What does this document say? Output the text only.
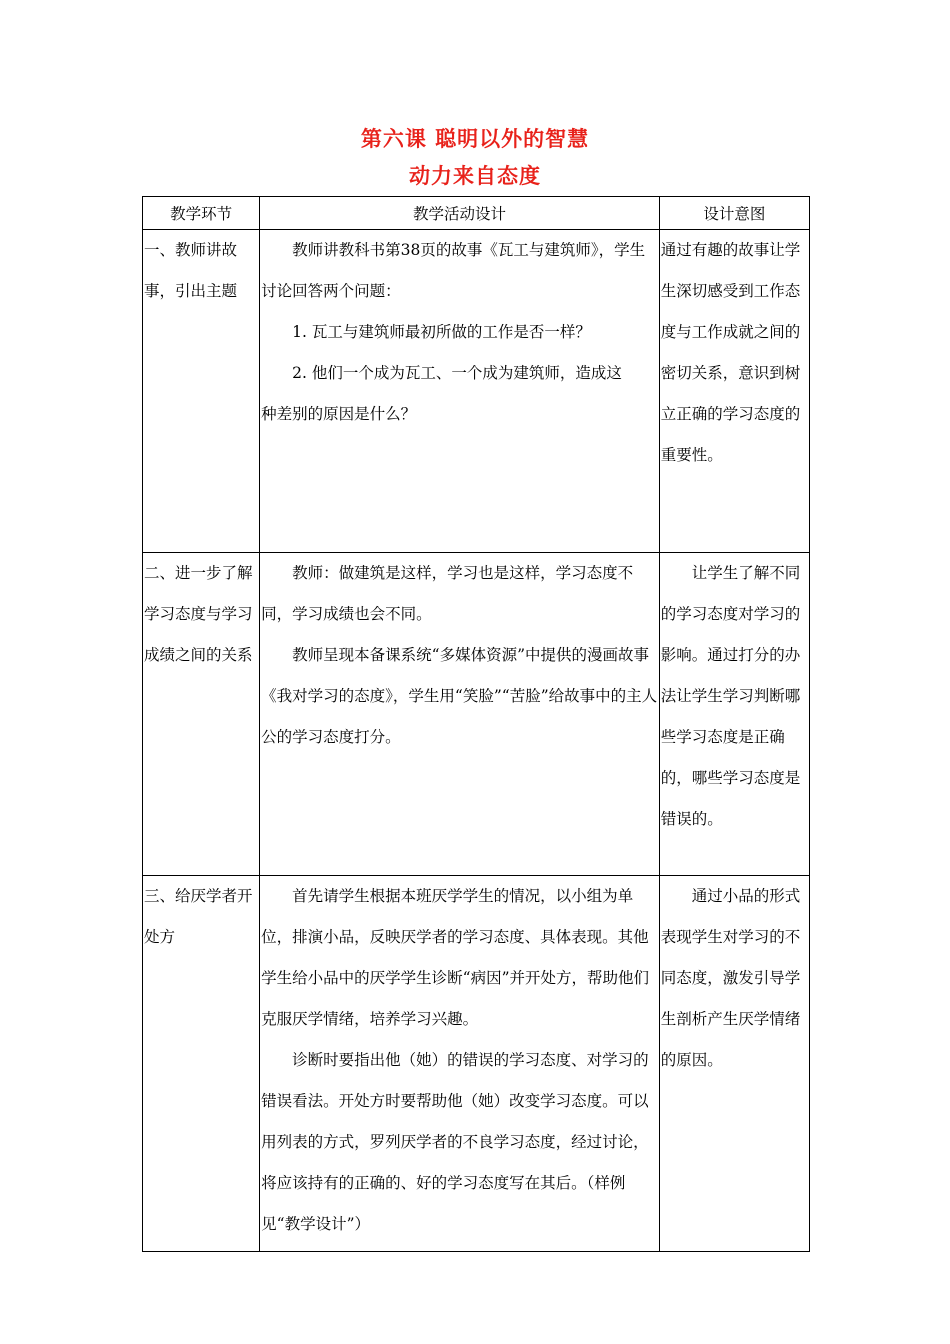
第六课 聪明以外的智慧
动力来自态度
教学环节	教学活动设计	设计意图

一、教师讲故事，引出主题	教师讲教科书第38页的故事《瓦工与建筑师》，学生讨论回答两个问题：

1. 瓦工与建筑师最初所做的工作是否一样？

2. 他们一个成为瓦工、一个成为建筑师，造成这

种差别的原因是什么？	通过有趣的故事让学生深切感受到工作态度与工作成就之间的密切关系，意识到树立正确的学习态度的重要性。

二、进一步了解学习态度与学习成绩之间的关系	教师：做建筑是这样，学习也是这样，学习态度不同，学习成绩也会不同。

教师呈现本备课系统“多媒体资源”中提供的漫画故事《我对学习的态度》，学生用“笑脸”“苦脸”给故事中的主人公的学习态度打分。	让学生了解不同的学习态度对学习的影响。通过打分的办法让学生学习判断哪些学习态度是正确的，哪些学习态度是错误的。

三、给厌学者开处方	首先请学生根据本班厌学学生的情况，以小组为单位，排演小品，反映厌学者的学习态度、具体表现。其他学生给小品中的厌学学生诊断“病因”并开处方，帮助他们克服厌学情绪，培养学习兴趣。

诊断时要指出他（她）的错误的学习态度、对学习的错误看法。开处方时要帮助他（她）改变学习态度。可以用列表的方式，罗列厌学者的不良学习态度，经过讨论，将应该持有的正确的、好的学习态度写在其后。（样例见“教学设计”）	通过小品的形式表现学生对学习的不同态度，激发引导学生剖析产生厌学情绪的原因。
